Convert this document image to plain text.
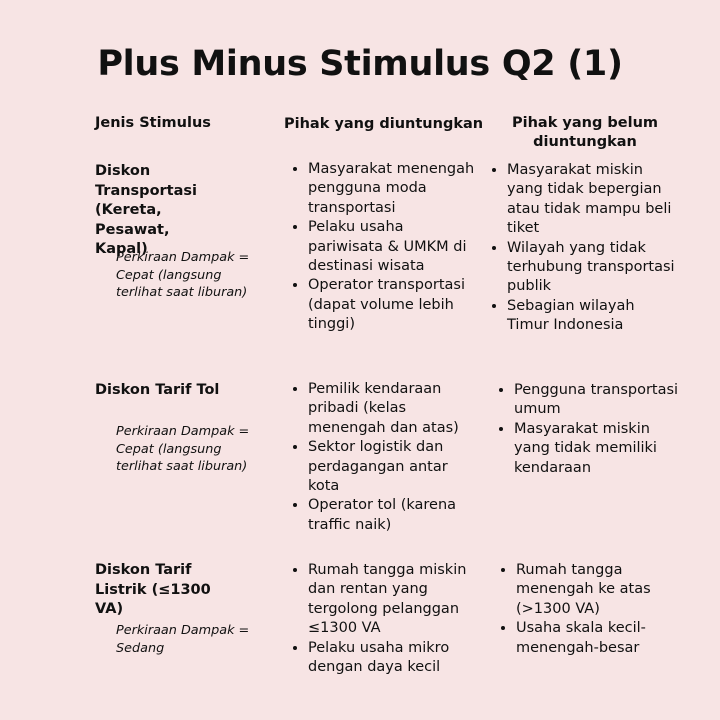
Plus Minus Stimulus Q2 (1)
Jenis Stimulus	Pihak yang diuntungkan	Pihak yang belum diuntungkan
Diskon Transportasi (Kereta, Pesawat, Kapal)
Perkiraan Dampak = Cepat (langsung terlihat saat liburan)
• Masyarakat menengah pengguna moda transportasi
• Pelaku usaha pariwisata & UMKM di destinasi wisata
• Operator transportasi (dapat volume lebih tinggi)
• Masyarakat miskin yang tidak bepergian atau tidak mampu beli tiket
• Wilayah yang tidak terhubung transportasi publik
• Sebagian wilayah Timur Indonesia
Diskon Tarif Tol
Perkiraan Dampak = Cepat (langsung terlihat saat liburan)
• Pemilik kendaraan pribadi (kelas menengah dan atas)
• Sektor logistik dan perdagangan antar kota
• Operator tol (karena traffic naik)
• Pengguna transportasi umum
• Masyarakat miskin yang tidak memiliki kendaraan
Diskon Tarif Listrik (≤1300 VA)
Perkiraan Dampak = Sedang
• Rumah tangga miskin dan rentan yang tergolong pelanggan ≤1300 VA
• Pelaku usaha mikro dengan daya kecil
• Rumah tangga menengah ke atas (>1300 VA)
• Usaha skala kecil-menengah-besar
